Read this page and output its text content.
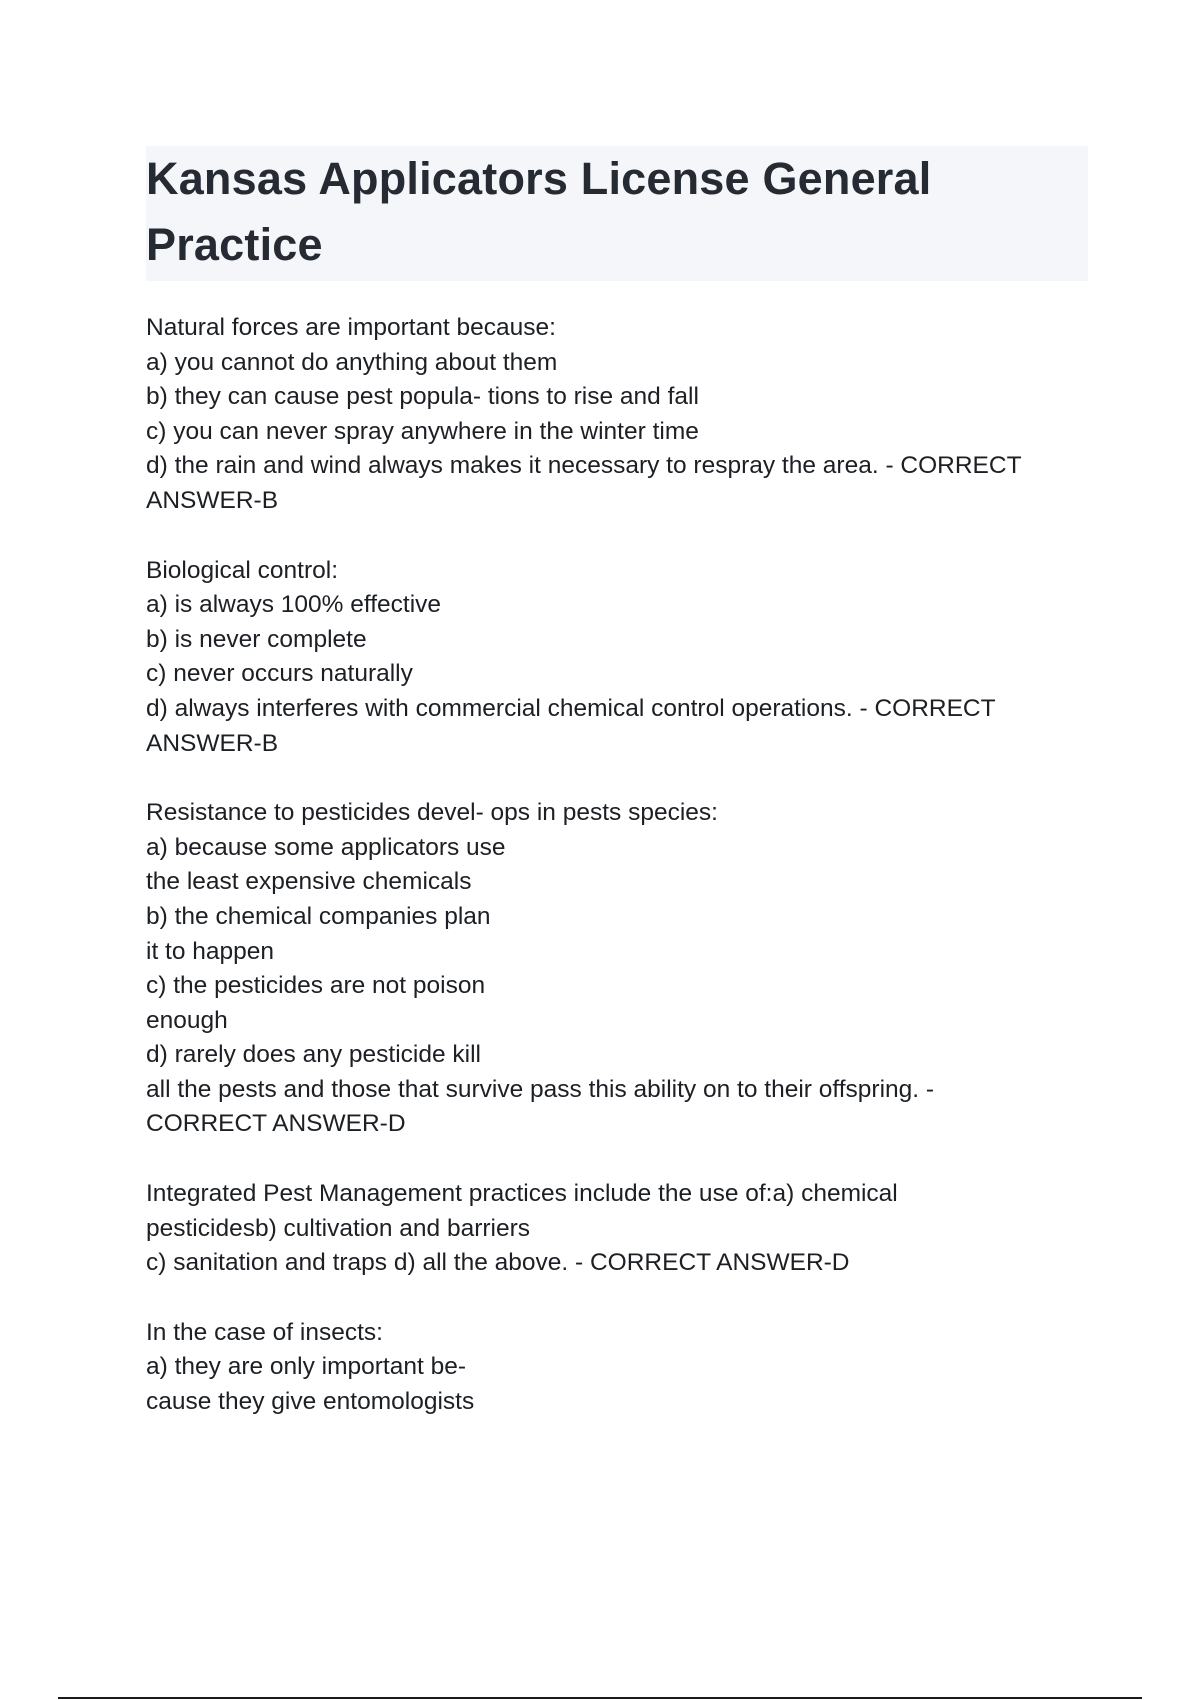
Kansas Applicators License General Practice
Natural forces are important because:
a) you cannot do anything about them
b) they can cause pest popula- tions to rise and fall
c) you can never spray anywhere in the winter time
d) the rain and wind always makes it necessary to respray the area. - CORRECT
ANSWER-B
Biological control:
a) is always 100% effective
b) is never complete
c) never occurs naturally
d) always interferes with commercial chemical control operations. - CORRECT
ANSWER-B
Resistance to pesticides devel- ops in pests species:
a) because some applicators use
the least expensive chemicals
b) the chemical companies plan
it to happen
c) the pesticides are not poison
enough
d) rarely does any pesticide kill
all the pests and those that survive pass this ability on to their offspring. -
CORRECT ANSWER-D
Integrated Pest Management practices include the use of:a) chemical
pesticidesb) cultivation and barriers
c) sanitation and traps d) all the above. - CORRECT ANSWER-D
In the case of insects:
a) they are only important be-
cause they give entomologists
